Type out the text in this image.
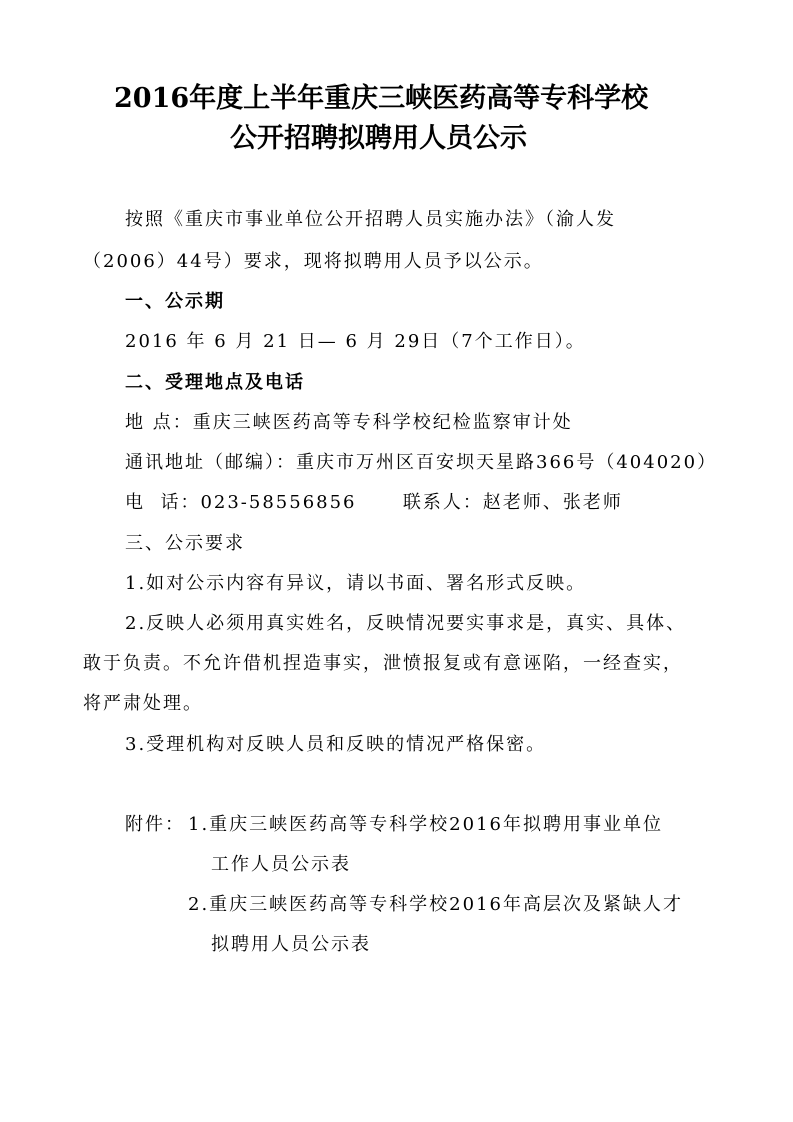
2016年度上半年重庆三峡医药高等专科学校
公开招聘拟聘用人员公示
按照《重庆市事业单位公开招聘人员实施办法》（渝人发
（2006）44号）要求，现将拟聘用人员予以公示。
一、公示期
2016 年 6 月 21 日— 6 月 29日（7个工作日）。
二、受理地点及电话
地 点：重庆三峡医药高等专科学校纪检监察审计处
通讯地址（邮编）：重庆市万州区百安坝天星路366号（404020）
电  话：023-58556856      联系人：赵老师、张老师
三、公示要求
1.如对公示内容有异议，请以书面、署名形式反映。
2.反映人必须用真实姓名，反映情况要实事求是，真实、具体、
敢于负责。不允许借机捏造事实，泄愤报复或有意诬陷，一经查实，
将严肃处理。
3.受理机构对反映人员和反映的情况严格保密。
附件： 1.重庆三峡医药高等专科学校2016年拟聘用事业单位
工作人员公示表
2.重庆三峡医药高等专科学校2016年高层次及紧缺人才
拟聘用人员公示表
